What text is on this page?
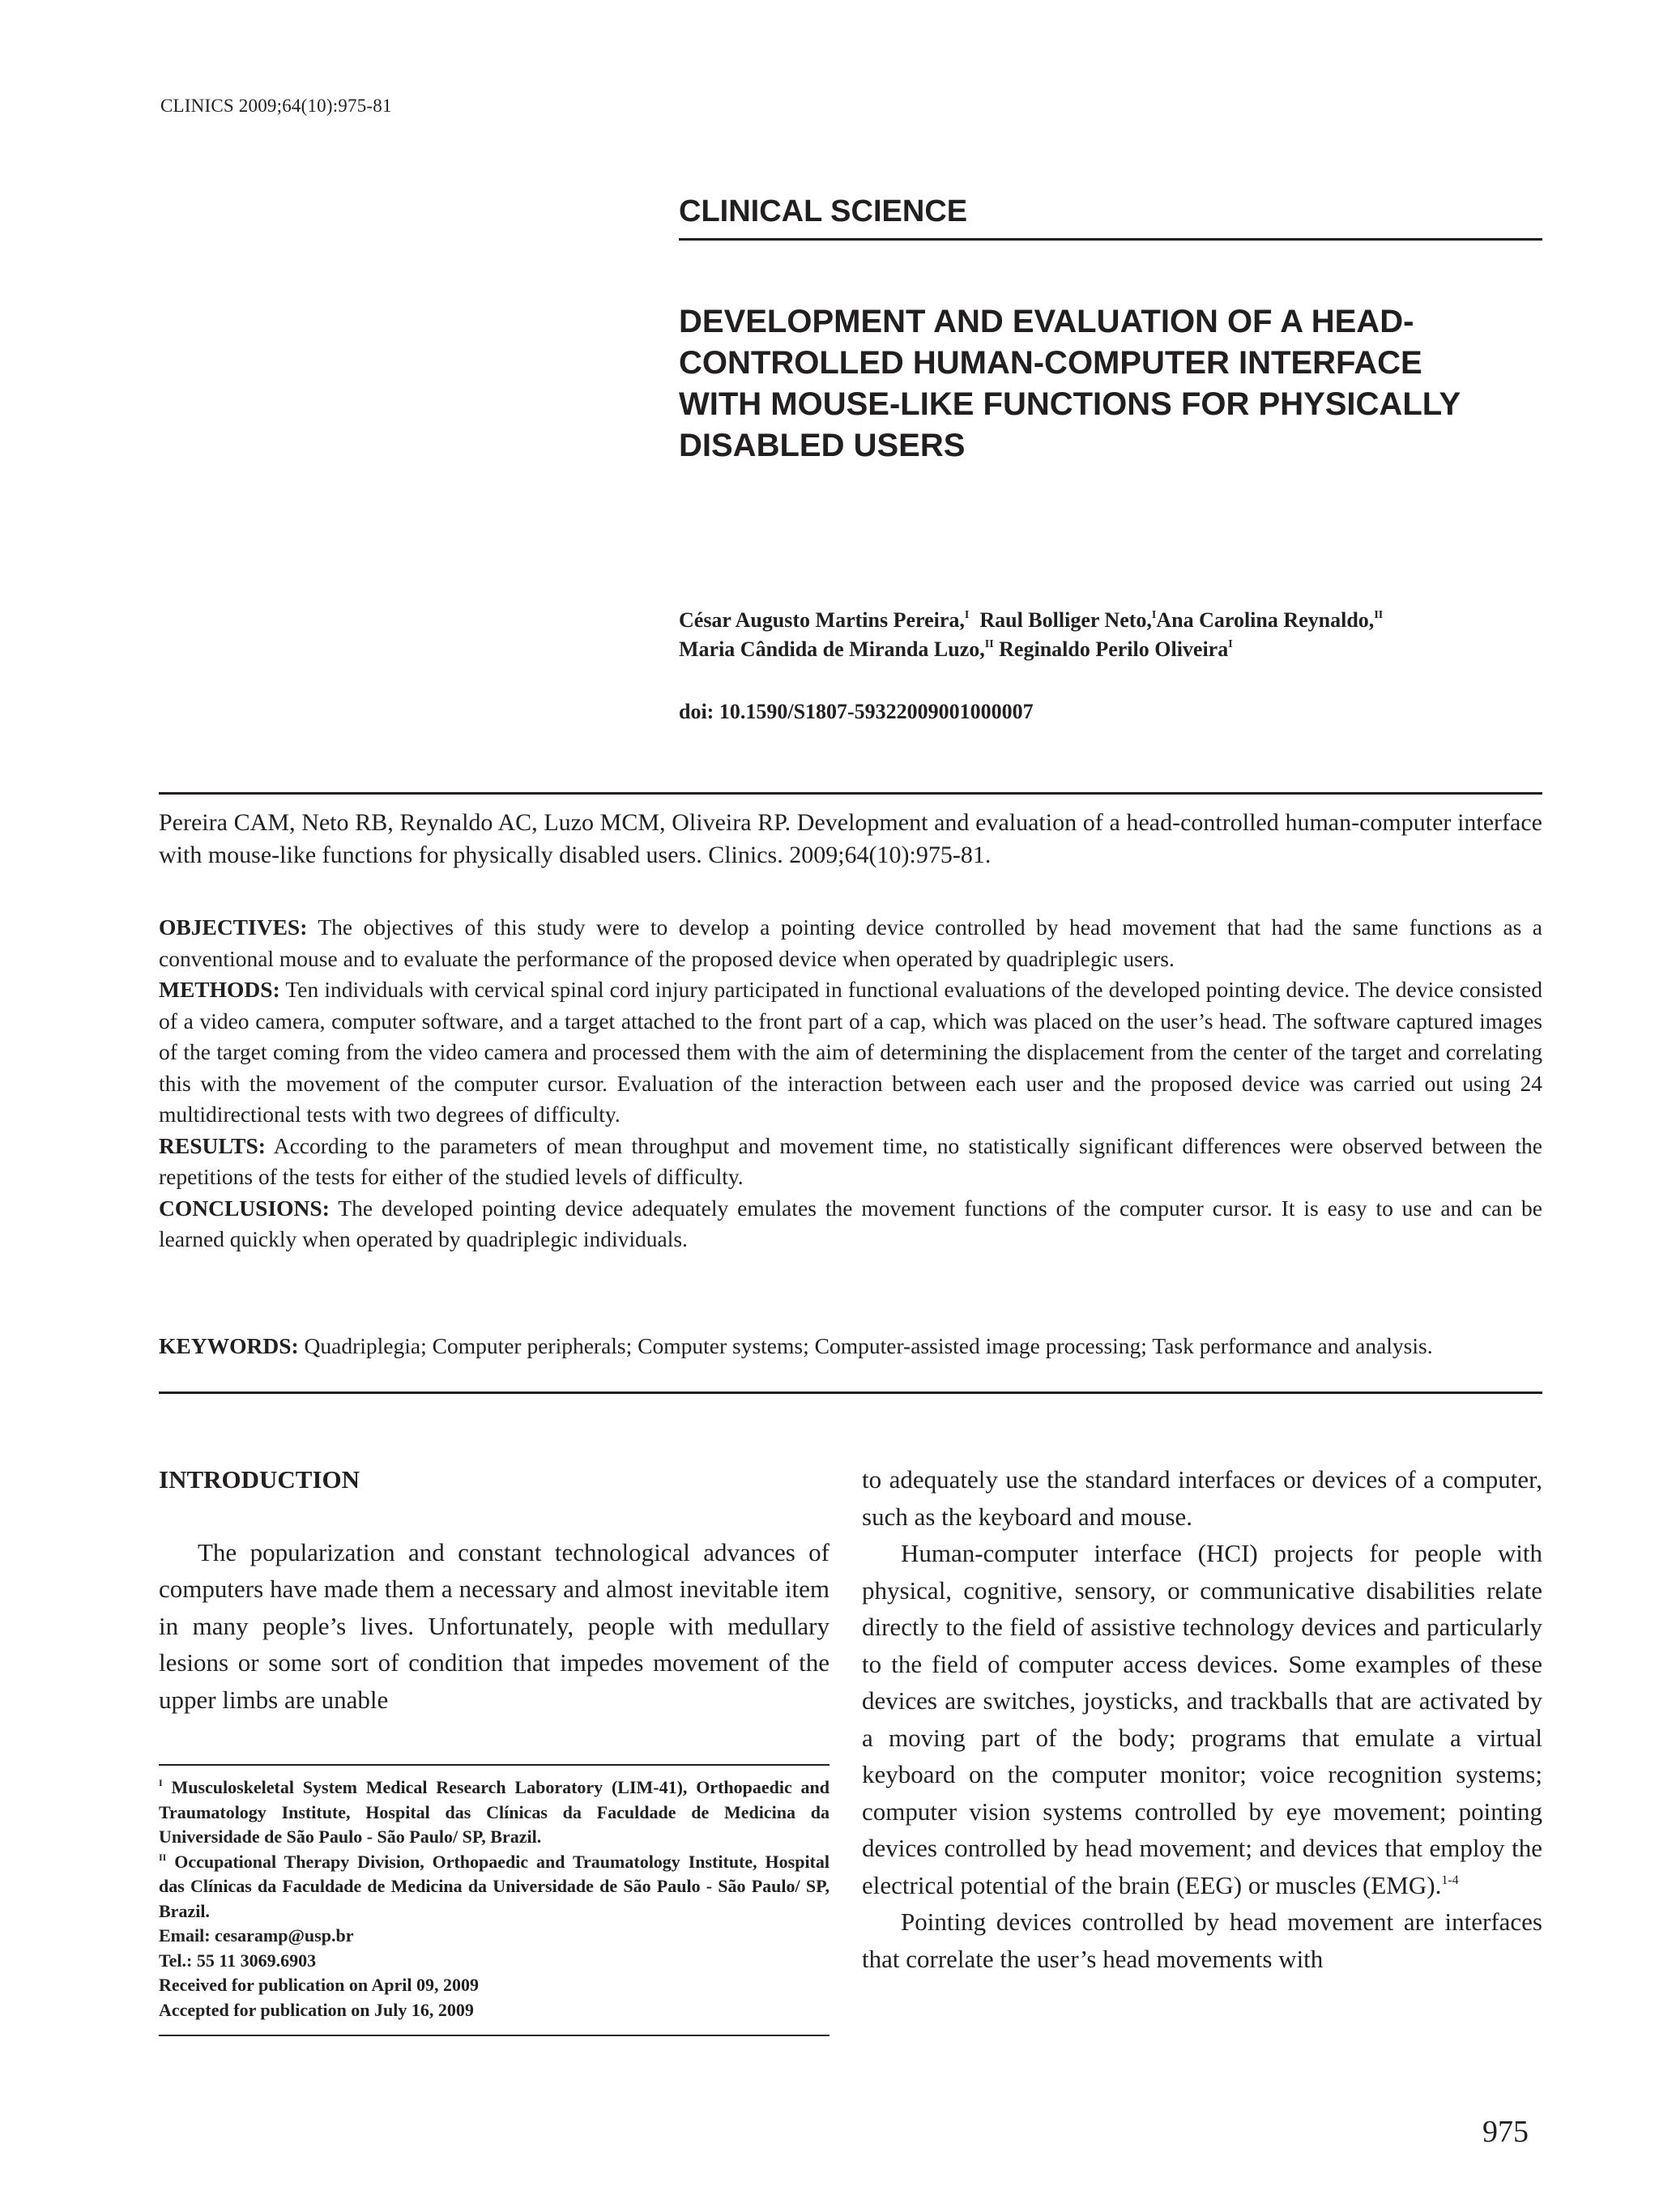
CLINICS 2009;64(10):975-81
CLINICAL SCIENCE
DEVELOPMENT AND EVALUATION OF A HEAD-
CONTROLLED HUMAN-COMPUTER INTERFACE
WITH MOUSE-LIKE FUNCTIONS FOR PHYSICALLY
DISABLED USERS
César Augusto Martins Pereira,$^I$ Raul Bolliger Neto,$^I$Ana Carolina Reynaldo,$^{II}$
Maria Cândida de Miranda Luzo,$^{II}$ Reginaldo Perilo Oliveira$^I$
doi: 10.1590/S1807-59322009001000007
Pereira CAM, Neto RB, Reynaldo AC, Luzo MCM, Oliveira RP. Development and evaluation of a head-controlled human-computer interface with mouse-like functions for physically disabled users. Clinics. 2009;64(10):975-81.

OBJECTIVES: The objectives of this study were to develop a pointing device controlled by head movement that had the same functions as a conventional mouse and to evaluate the performance of the proposed device when operated by quadriplegic users.

METHODS: Ten individuals with cervical spinal cord injury participated in functional evaluations of the developed pointing device. The device consisted of a video camera, computer software, and a target attached to the front part of a cap, which was placed on the user’s head. The software captured images of the target coming from the video camera and processed them with the aim of determining the displacement from the center of the target and correlating this with the movement of the computer cursor. Evaluation of the interaction between each user and the proposed device was carried out using 24 multidirectional tests with two degrees of difficulty.

RESULTS: According to the parameters of mean throughput and movement time, no statistically significant differences were observed between the repetitions of the tests for either of the studied levels of difficulty.

CONCLUSIONS: The developed pointing device adequately emulates the movement functions of the computer cursor. It is easy to use and can be learned quickly when operated by quadriplegic individuals.

KEYWORDS: Quadriplegia; Computer peripherals; Computer systems; Computer-assisted image processing; Task performance and analysis.
INTRODUCTION

The popularization and constant technological advances of computers have made them a necessary and almost inevitable item in many people’s lives. Unfortunately, people with medullary lesions or some sort of condition that impedes movement of the upper limbs are unable

$^I$ Musculoskeletal System Medical Research Laboratory (LIM-41), Orthopaedic and Traumatology Institute, Hospital das Clínicas da Faculdade de Medicina da Universidade de São Paulo - São Paulo/ SP, Brazil.
$^{II}$ Occupational Therapy Division, Orthopaedic and Traumatology Institute, Hospital das Clínicas da Faculdade de Medicina da Universidade de São Paulo - São Paulo/ SP, Brazil.
Email: cesaramp@usp.br
Tel.: 55 11 3069.6903
Received for publication on April 09, 2009
Accepted for publication on July 16, 2009

to adequately use the standard interfaces or devices of a computer, such as the keyboard and mouse.

Human-computer interface (HCI) projects for people with physical, cognitive, sensory, or communicative disabilities relate directly to the field of assistive technology devices and particularly to the field of computer access devices. Some examples of these devices are switches, joysticks, and trackballs that are activated by a moving part of the body; programs that emulate a virtual keyboard on the computer monitor; voice recognition systems; computer vision systems controlled by eye movement; pointing devices controlled by head movement; and devices that employ the electrical potential of the brain (EEG) or muscles (EMG).$^{1-4}$

Pointing devices controlled by head movement are interfaces that correlate the user’s head movements with

975
